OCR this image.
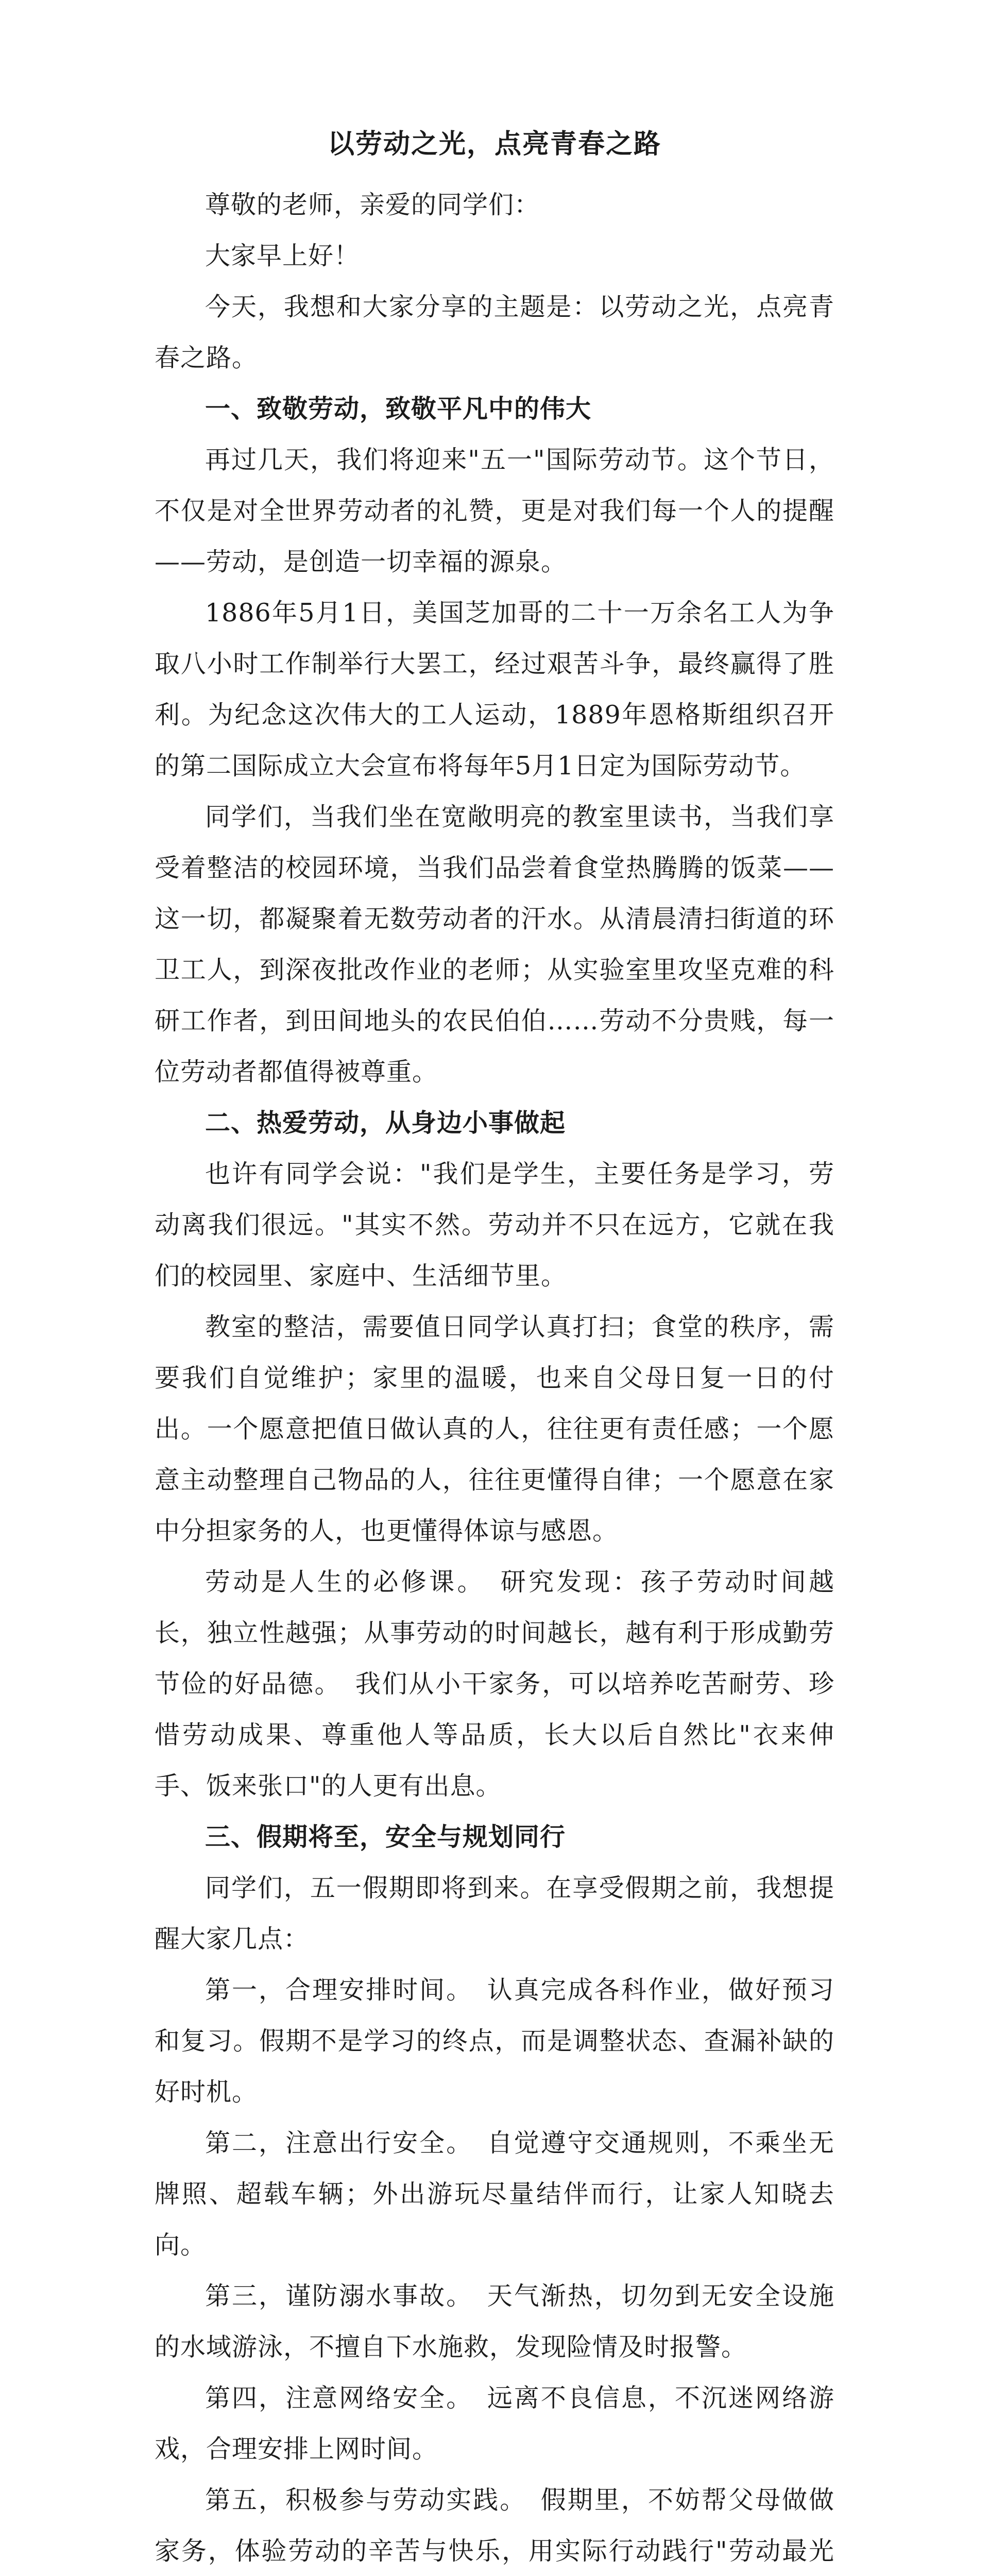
以劳动之光，点亮青春之路

尊敬的老师，亲爱的同学们：

大家早上好！

今天，我想和大家分享的主题是：以劳动之光，点亮青春之路。

一、致敬劳动，致敬平凡中的伟大

再过几天，我们将迎来"五一"国际劳动节。这个节日，不仅是对全世界劳动者的礼赞，更是对我们每一个人的提醒——劳动，是创造一切幸福的源泉。

1886年5月1日，美国芝加哥的二十一万余名工人为争取八小时工作制举行大罢工，经过艰苦斗争，最终赢得了胜利。为纪念这次伟大的工人运动，1889年恩格斯组织召开的第二国际成立大会宣布将每年5月1日定为国际劳动节。

同学们，当我们坐在宽敞明亮的教室里读书，当我们享受着整洁的校园环境，当我们品尝着食堂热腾腾的饭菜——这一切，都凝聚着无数劳动者的汗水。从清晨清扫街道的环卫工人，到深夜批改作业的老师；从实验室里攻坚克难的科研工作者，到田间地头的农民伯伯……劳动不分贵贱，每一位劳动者都值得被尊重。

二、热爱劳动，从身边小事做起

也许有同学会说："我们是学生，主要任务是学习，劳动离我们很远。"其实不然。劳动并不只在远方，它就在我们的校园里、家庭中、生活细节里。

教室的整洁，需要值日同学认真打扫；食堂的秩序，需要我们自觉维护；家里的温暖，也来自父母日复一日的付出。一个愿意把值日做认真的人，往往更有责任感；一个愿意主动整理自己物品的人，往往更懂得自律；一个愿意在家中分担家务的人，也更懂得体谅与感恩。

劳动是人生的必修课。　研究发现：孩子劳动时间越长，独立性越强；从事劳动的时间越长，越有利于形成勤劳节俭的好品德。　我们从小干家务，可以培养吃苦耐劳、珍惜劳动成果、尊重他人等品质，长大以后自然比"衣来伸手、饭来张口"的人更有出息。

三、假期将至，安全与规划同行

同学们，五一假期即将到来。在享受假期之前，我想提醒大家几点：

第一，合理安排时间。　认真完成各科作业，做好预习和复习。假期不是学习的终点，而是调整状态、查漏补缺的好时机。

第二，注意出行安全。　自觉遵守交通规则，不乘坐无牌照、超载车辆；外出游玩尽量结伴而行，让家人知晓去向。

第三，谨防溺水事故。　天气渐热，切勿到无安全设施的水域游泳，不擅自下水施救，发现险情及时报警。

第四，注意网络安全。　远离不良信息，不沉迷网络游戏，合理安排上网时间。

第五，积极参与劳动实践。　假期里，不妨帮父母做做家务，体验劳动的辛苦与快乐，用实际行动践行"劳动最光
